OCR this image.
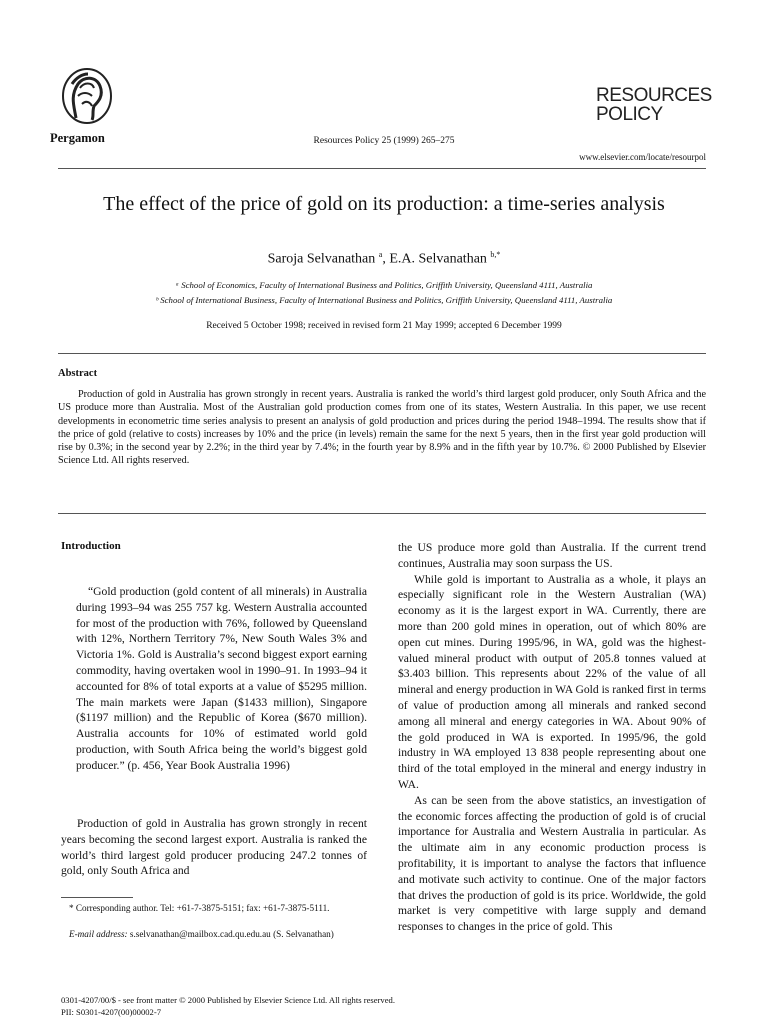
Pergamon	Resources Policy 25 (1999) 265–275
RESOURCES
POLICY
www.elsevier.com/locate/resourpol
The effect of the price of gold on its production: a time-series analysis
Saroja Selvanathan $^a$, E.A. Selvanathan $^{b,*}$
ᵃ School of Economics, Faculty of International Business and Politics, Griffith University, Queensland 4111, Australia
ᵇ School of International Business, Faculty of International Business and Politics, Griffith University, Queensland 4111, Australia
Received 5 October 1998; received in revised form 21 May 1999; accepted 6 December 1999
Abstract

Production of gold in Australia has grown strongly in recent years. Australia is ranked the world’s third largest gold producer, only South Africa and the US produce more than Australia. Most of the Australian gold production comes from one of its states, Western Australia. In this paper, we use recent developments in econometric time series analysis to present an analysis of gold production and prices during the period 1948–1994. The results show that if the price of gold (relative to costs) increases by 10% and the price (in levels) remain the same for the next 5 years, then in the first year gold production will rise by 0.3%; in the second year by 2.2%; in the third year by 7.4%; in the fourth year by 8.9% and in the fifth year by 10.7%. © 2000 Published by Elsevier Science Ltd. All rights reserved.

Introduction

“Gold production (gold content of all minerals) in Australia during 1993–94 was 255 757 kg. Western Australia accounted for most of the production with 76%, followed by Queensland with 12%, Northern Territory 7%, New South Wales 3% and Victoria 1%. Gold is Australia’s second biggest export earning commodity, having overtaken wool in 1990–91. In 1993–94 it accounted for 8% of total exports at a value of $5295 million. The main markets were Japan ($1433 million), Singapore ($1197 million) and the Republic of Korea ($670 million). Australia accounts for 10% of estimated world gold production, with South Africa being the world’s biggest gold producer.” (p. 456, Year Book Australia 1996)

Production of gold in Australia has grown strongly in recent years becoming the second largest export. Australia is ranked the world’s third largest gold producer producing 247.2 tonnes of gold, only South Africa and

* Corresponding author. Tel: +61-7-3875-5151; fax: +61-7-3875-5111.
E-mail address: s.selvanathan@mailbox.cad.qu.edu.au (S. Selvanathan)

the US produce more gold than Australia. If the current trend continues, Australia may soon surpass the US.

While gold is important to Australia as a whole, it plays an especially significant role in the Western Australian (WA) economy as it is the largest export in WA. Currently, there are more than 200 gold mines in operation, out of which 80% are open cut mines. During 1995/96, in WA, gold was the highest-valued mineral product with output of 205.8 tonnes valued at $3.403 billion. This represents about 22% of the value of all mineral and energy production in WA Gold is ranked first in terms of value of production among all minerals and ranked second among all mineral and energy categories in WA. About 90% of the gold produced in WA is exported. In 1995/96, the gold industry in WA employed 13 838 people representing about one third of the total employed in the mineral and energy industry in WA.

As can be seen from the above statistics, an investigation of the economic forces affecting the production of gold is of crucial importance for Australia and Western Australia in particular. As the ultimate aim in any economic production process is profitability, it is important to analyse the factors that influence and motivate such activity to continue. One of the major factors that drives the production of gold is its price. Worldwide, the gold market is very competitive with large supply and demand responses to changes in the price of gold. This

0301-4207/00/$ - see front matter © 2000 Published by Elsevier Science Ltd. All rights reserved.
PII: S0301-4207(00)00002-7
